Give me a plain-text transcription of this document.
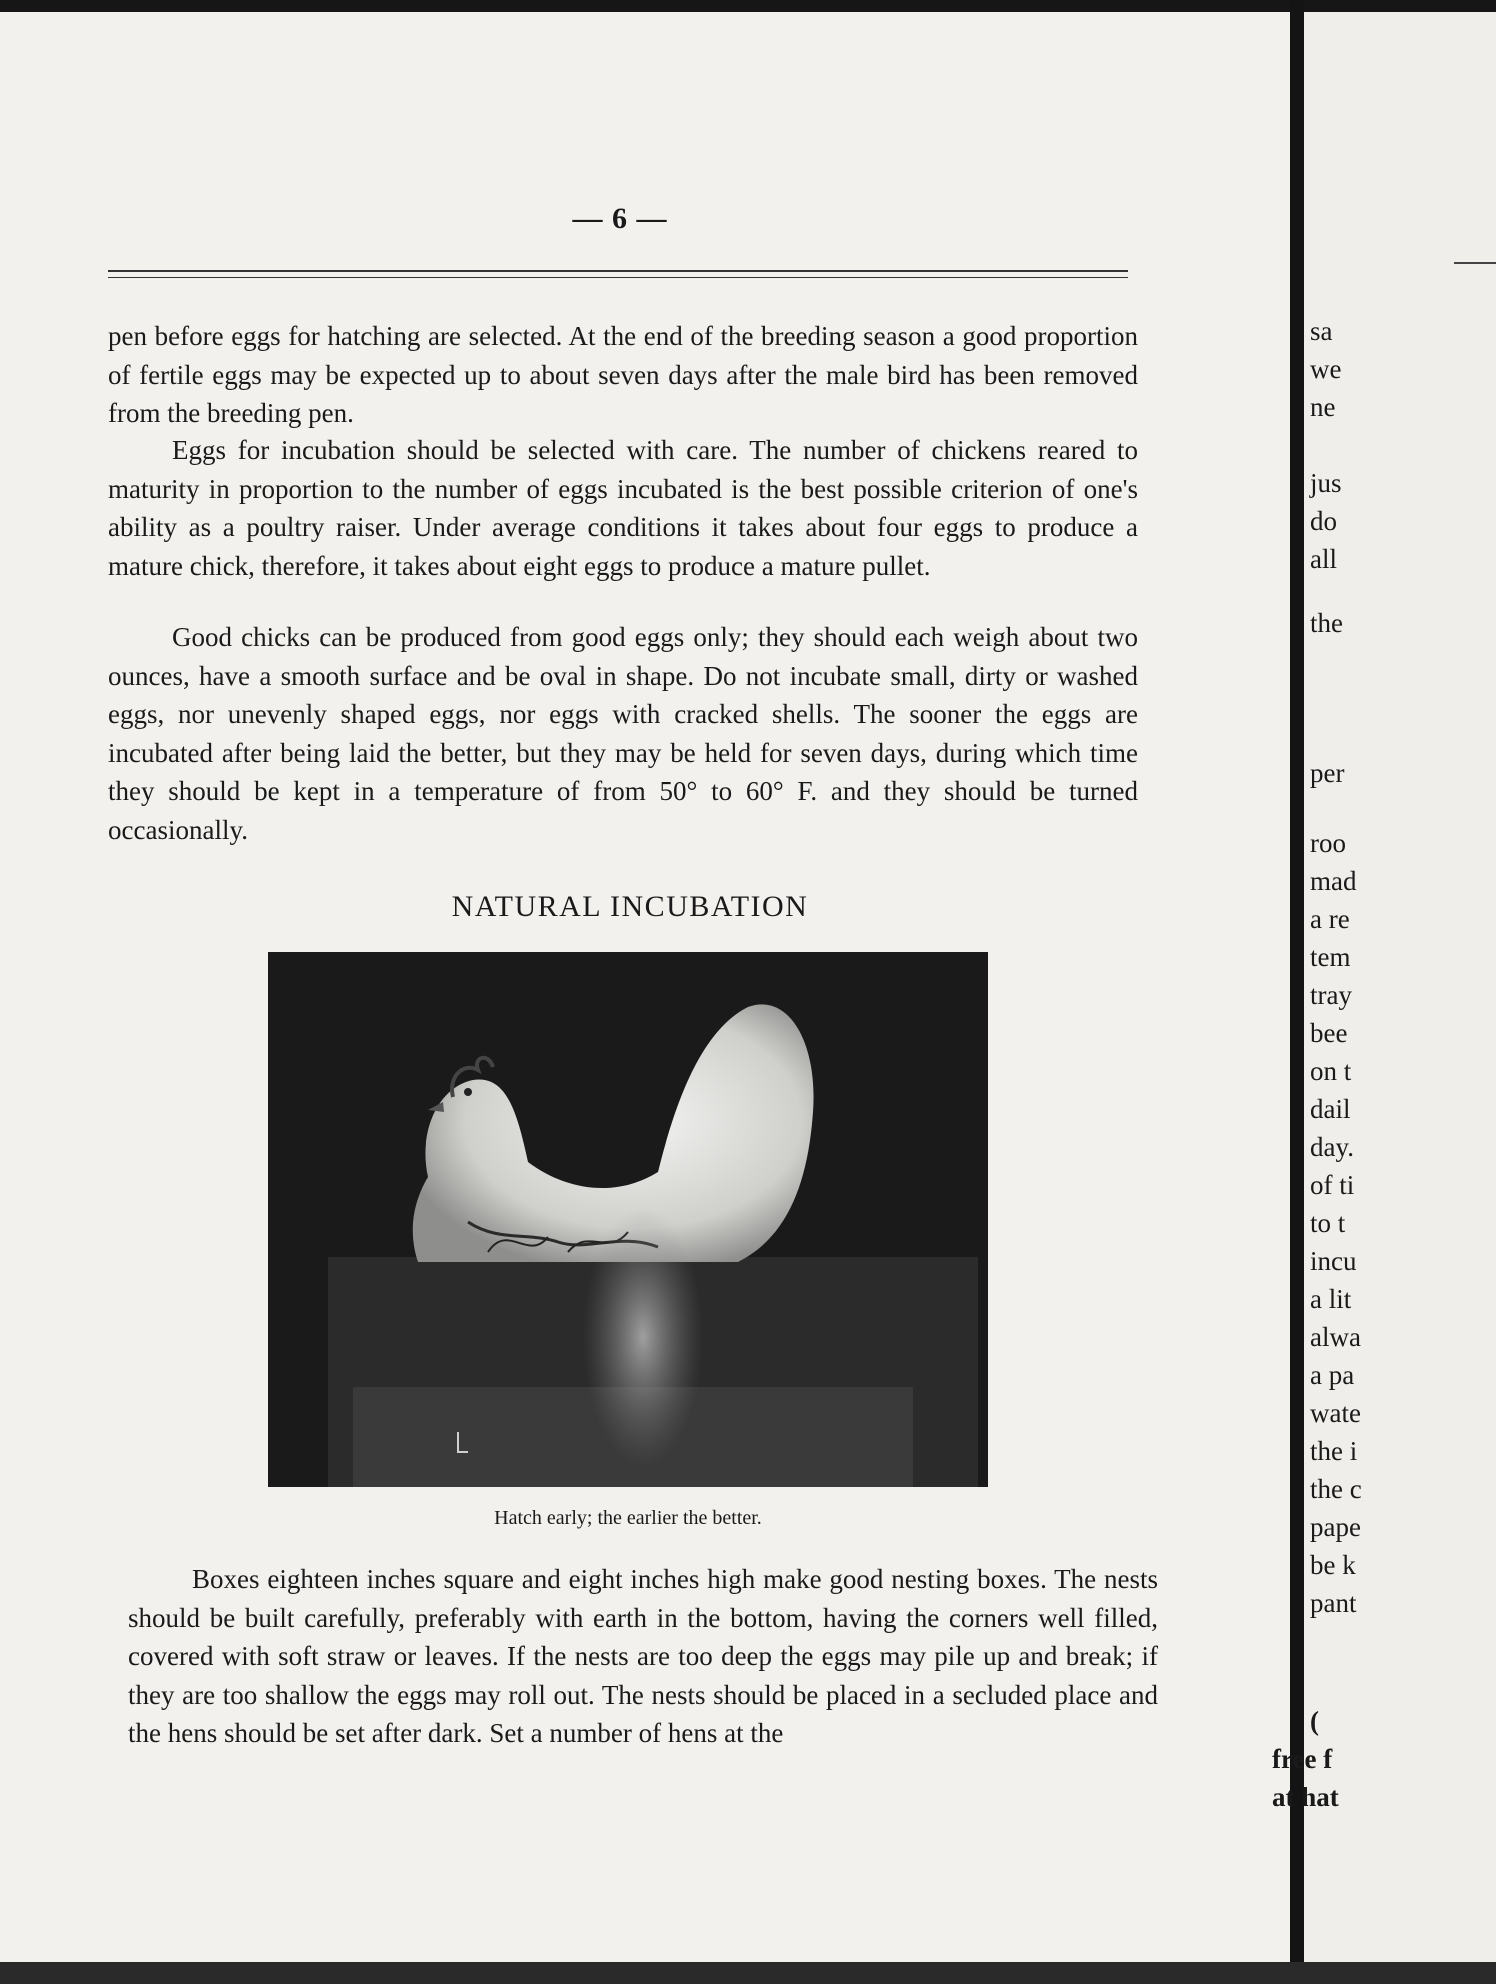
— 6 —

pen before eggs for hatching are selected. At the end of the breeding season a good proportion of fertile eggs may be expected up to about seven days after the male bird has been removed from the breeding pen.

Eggs for incubation should be selected with care. The number of chickens reared to maturity in proportion to the number of eggs incubated is the best possible criterion of one's ability as a poultry raiser. Under average conditions it takes about four eggs to produce a mature chick, therefore, it takes about eight eggs to produce a mature pullet.

Good chicks can be produced from good eggs only; they should each weigh about two ounces, have a smooth surface and be oval in shape. Do not incubate small, dirty or washed eggs, nor unevenly shaped eggs, nor eggs with cracked shells. The sooner the eggs are incubated after being laid the better, but they may be held for seven days, during which time they should be kept in a temperature of from 50° to 60° F. and they should be turned occasionally.

NATURAL INCUBATION
Hatch early; the earlier the better.

Boxes eighteen inches square and eight inches high make good nesting boxes. The nests should be built carefully, preferably with earth in the bottom, having the corners well filled, covered with soft straw or leaves. If the nests are too deep the eggs may pile up and break; if they are too shallow the eggs may roll out. The nests should be placed in a secluded place and the hens should be set after dark. Set a number of hens at the

sa
we
ne
jus
do
all
the
per
roo
mad
a re
tem
tray
bee
on t
dail
day.
of ti
to t
incu
a lit
alwa
a pa
wate
the i
the c
pape
be k
pant
(
free f
at hat
